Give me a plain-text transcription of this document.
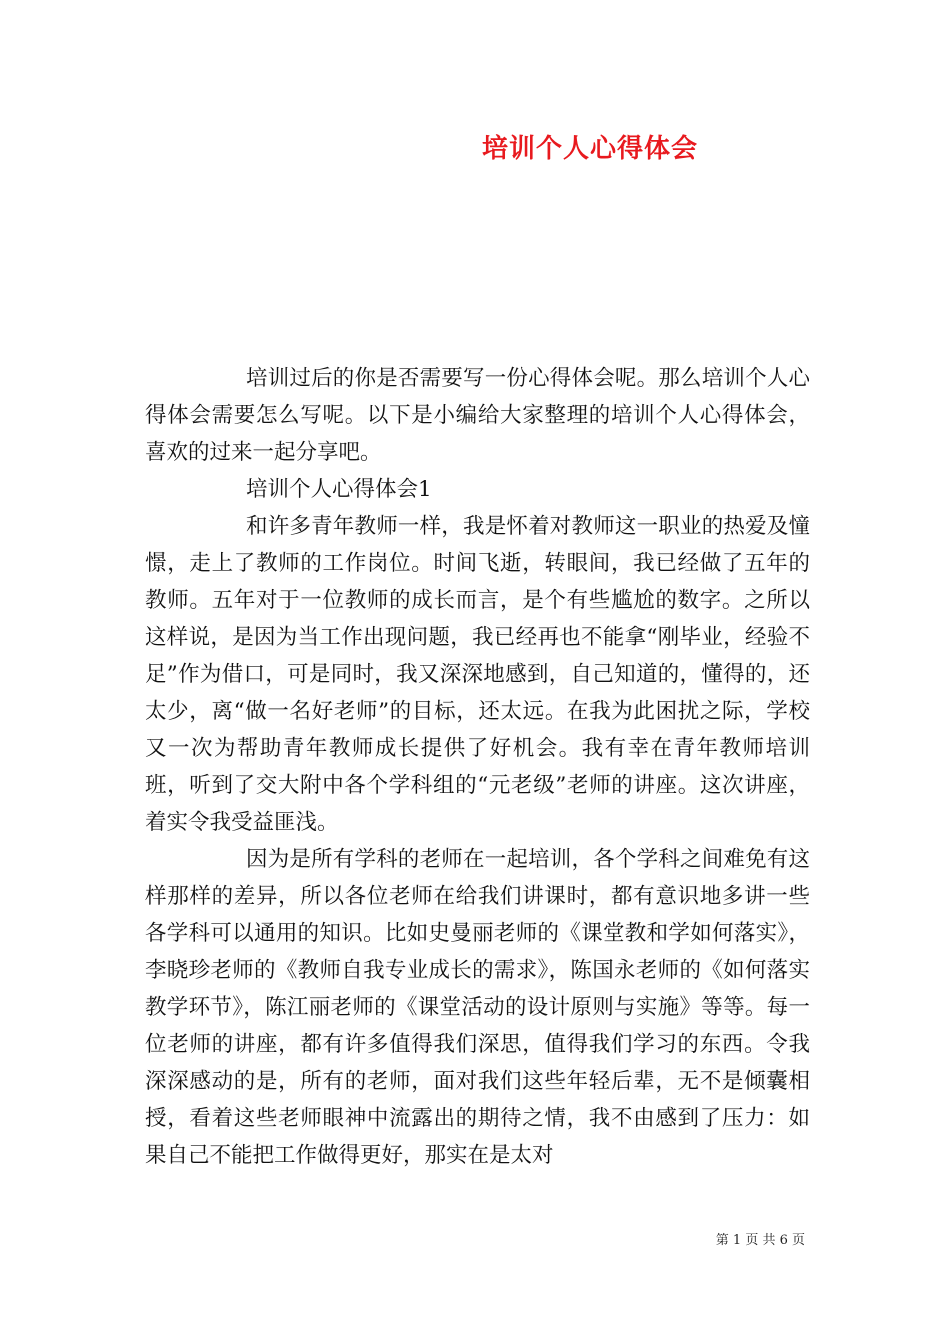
培训个人心得体会

培训过后的你是否需要写一份心得体会呢。那么培训个人心得体会需要怎么写呢。以下是小编给大家整理的培训个人心得体会，喜欢的过来一起分享吧。

培训个人心得体会1

和许多青年教师一样，我是怀着对教师这一职业的热爱及憧憬，走上了教师的工作岗位。时间飞逝，转眼间，我已经做了五年的教师。五年对于一位教师的成长而言，是个有些尴尬的数字。之所以这样说，是因为当工作出现问题，我已经再也不能拿“刚毕业，经验不足”作为借口，可是同时，我又深深地感到，自己知道的，懂得的，还太少，离“做一名好老师”的目标，还太远。在我为此困扰之际，学校又一次为帮助青年教师成长提供了好机会。我有幸在青年教师培训班，听到了交大附中各个学科组的“元老级”老师的讲座。这次讲座，着实令我受益匪浅。

因为是所有学科的老师在一起培训，各个学科之间难免有这样那样的差异，所以各位老师在给我们讲课时，都有意识地多讲一些各学科可以通用的知识。比如史曼丽老师的《课堂教和学如何落实》，李晓珍老师的《教师自我专业成长的需求》，陈国永老师的《如何落实教学环节》，陈江丽老师的《课堂活动的设计原则与实施》等等。每一位老师的讲座，都有许多值得我们深思，值得我们学习的东西。令我深深感动的是，所有的老师，面对我们这些年轻后辈，无不是倾囊相授，看着这些老师眼神中流露出的期待之情，我不由感到了压力：如果自己不能把工作做得更好，那实在是太对

第 1 页 共 6 页
